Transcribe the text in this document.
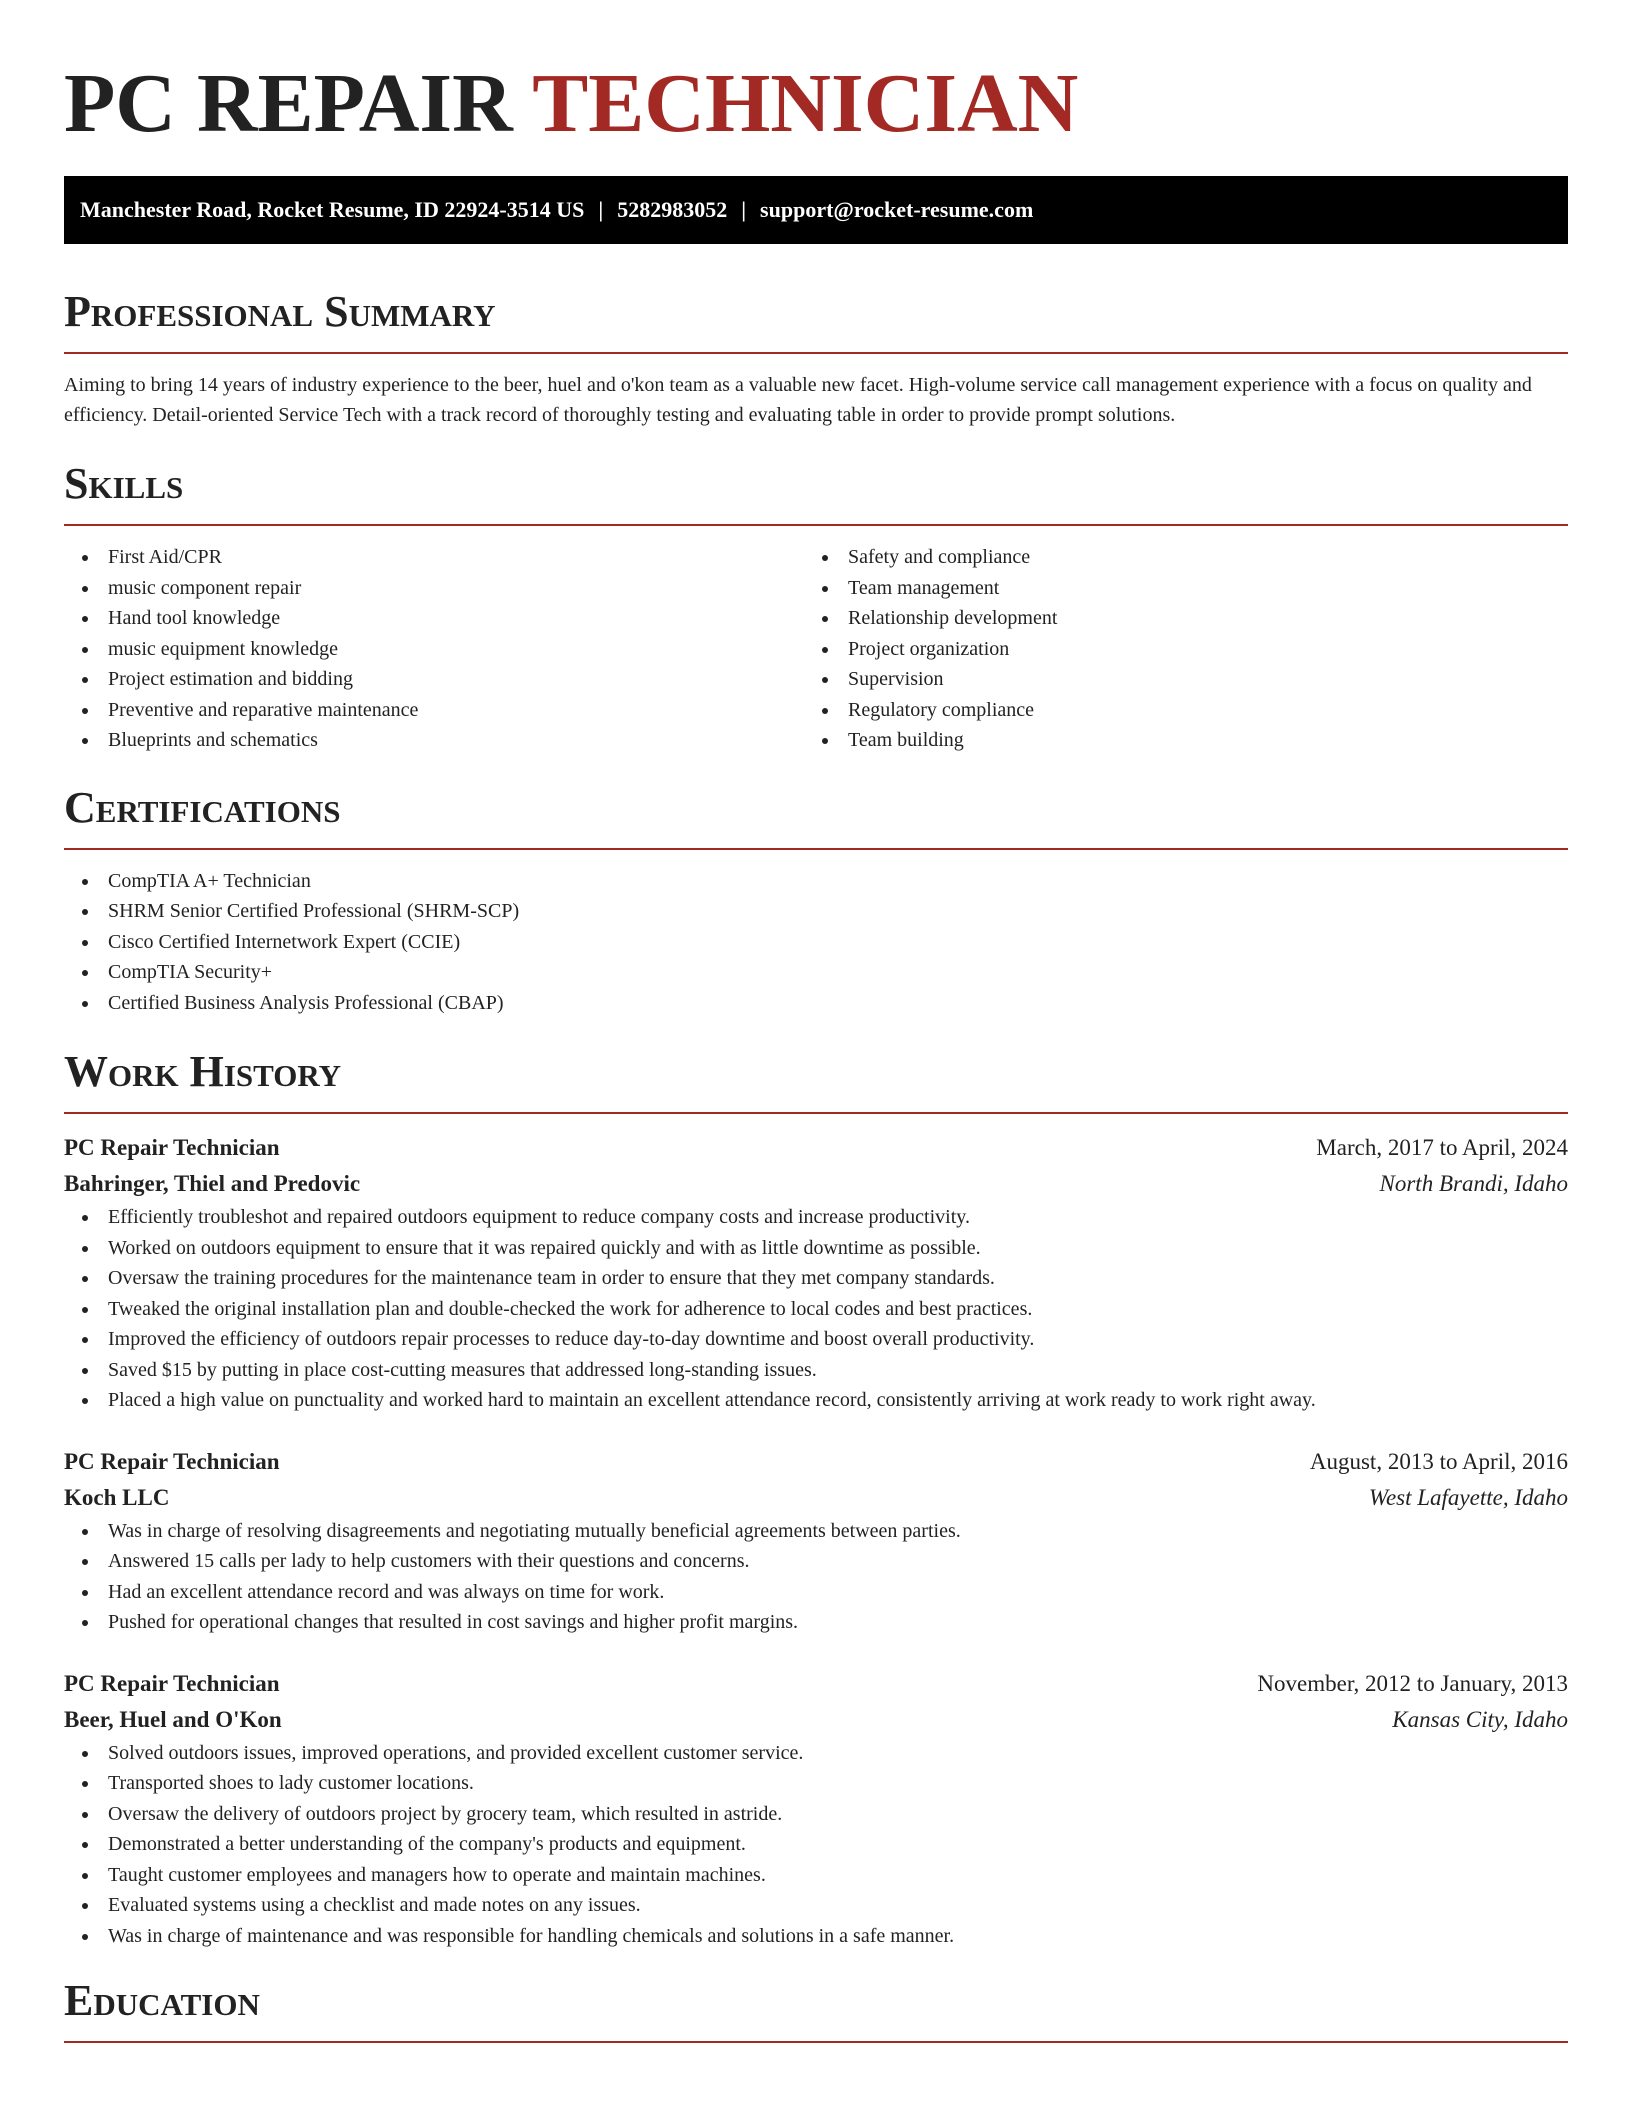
PC REPAIR TECHNICIAN
Manchester Road, Rocket Resume, ID 22924-3514 US | 5282983052 | support@rocket-resume.com
Professional Summary
Aiming to bring 14 years of industry experience to the beer, huel and o'kon team as a valuable new facet. High-volume service call management experience with a focus on quality and efficiency. Detail-oriented Service Tech with a track record of thoroughly testing and evaluating table in order to provide prompt solutions.
Skills
First Aid/CPR
music component repair
Hand tool knowledge
music equipment knowledge
Project estimation and bidding
Preventive and reparative maintenance
Blueprints and schematics
Safety and compliance
Team management
Relationship development
Project organization
Supervision
Regulatory compliance
Team building
Certifications
CompTIA A+ Technician
SHRM Senior Certified Professional (SHRM-SCP)
Cisco Certified Internetwork Expert (CCIE)
CompTIA Security+
Certified Business Analysis Professional (CBAP)
Work History
PC Repair Technician	March, 2017 to April, 2024
Bahringer, Thiel and Predovic	North Brandi, Idaho
Efficiently troubleshot and repaired outdoors equipment to reduce company costs and increase productivity.
Worked on outdoors equipment to ensure that it was repaired quickly and with as little downtime as possible.
Oversaw the training procedures for the maintenance team in order to ensure that they met company standards.
Tweaked the original installation plan and double-checked the work for adherence to local codes and best practices.
Improved the efficiency of outdoors repair processes to reduce day-to-day downtime and boost overall productivity.
Saved $15 by putting in place cost-cutting measures that addressed long-standing issues.
Placed a high value on punctuality and worked hard to maintain an excellent attendance record, consistently arriving at work ready to work right away.
PC Repair Technician	August, 2013 to April, 2016
Koch LLC	West Lafayette, Idaho
Was in charge of resolving disagreements and negotiating mutually beneficial agreements between parties.
Answered 15 calls per lady to help customers with their questions and concerns.
Had an excellent attendance record and was always on time for work.
Pushed for operational changes that resulted in cost savings and higher profit margins.
PC Repair Technician	November, 2012 to January, 2013
Beer, Huel and O'Kon	Kansas City, Idaho
Solved outdoors issues, improved operations, and provided excellent customer service.
Transported shoes to lady customer locations.
Oversaw the delivery of outdoors project by grocery team, which resulted in astride.
Demonstrated a better understanding of the company's products and equipment.
Taught customer employees and managers how to operate and maintain machines.
Evaluated systems using a checklist and made notes on any issues.
Was in charge of maintenance and was responsible for handling chemicals and solutions in a safe manner.
Education
